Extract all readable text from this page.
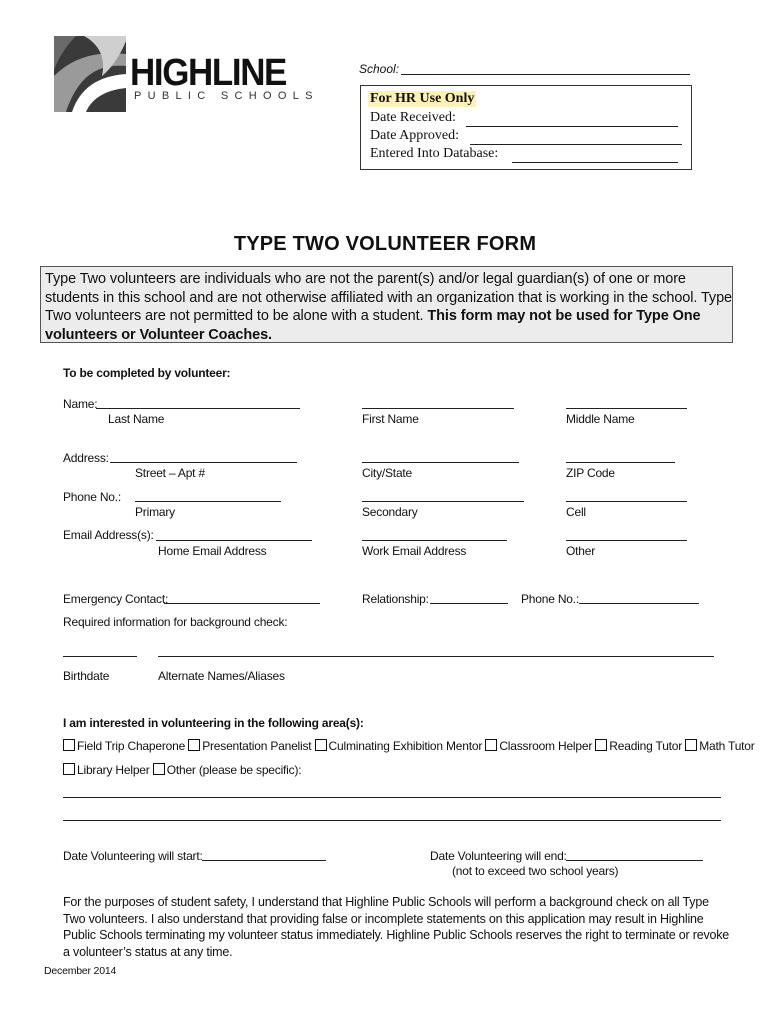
HIGHLINE
PUBLIC SCHOOLS
School:
For HR Use Only
Date Received:
Date Approved:
Entered Into Database:
TYPE TWO VOLUNTEER FORM
Type Two volunteers are individuals who are not the parent(s) and/or legal guardian(s) of one or more students in this school and are not otherwise affiliated with an organization that is working in the school. Type Two volunteers are not permitted to be alone with a student. This form may not be used for Type One volunteers or Volunteer Coaches.
To be completed by volunteer:
Name:
Last Name	First Name	Middle Name
Address:
Street – Apt #	City/State	ZIP Code
Phone No.:
Primary	Secondary	Cell
Email Address(s):
Home Email Address	Work Email Address	Other
Emergency Contact:	Relationship:	Phone No.:
Required information for background check:
Birthdate	Alternate Names/Aliases
I am interested in volunteering in the following area(s):
Field Trip Chaperone Presentation Panelist Culminating Exhibition Mentor Classroom Helper Reading Tutor Math Tutor
Library Helper Other (please be specific):
Date Volunteering will start:	Date Volunteering will end:
(not to exceed two school years)
For the purposes of student safety, I understand that Highline Public Schools will perform a background check on all Type Two volunteers. I also understand that providing false or incomplete statements on this application may result in Highline Public Schools terminating my volunteer status immediately. Highline Public Schools reserves the right to terminate or revoke a volunteer’s status at any time.
December 2014
